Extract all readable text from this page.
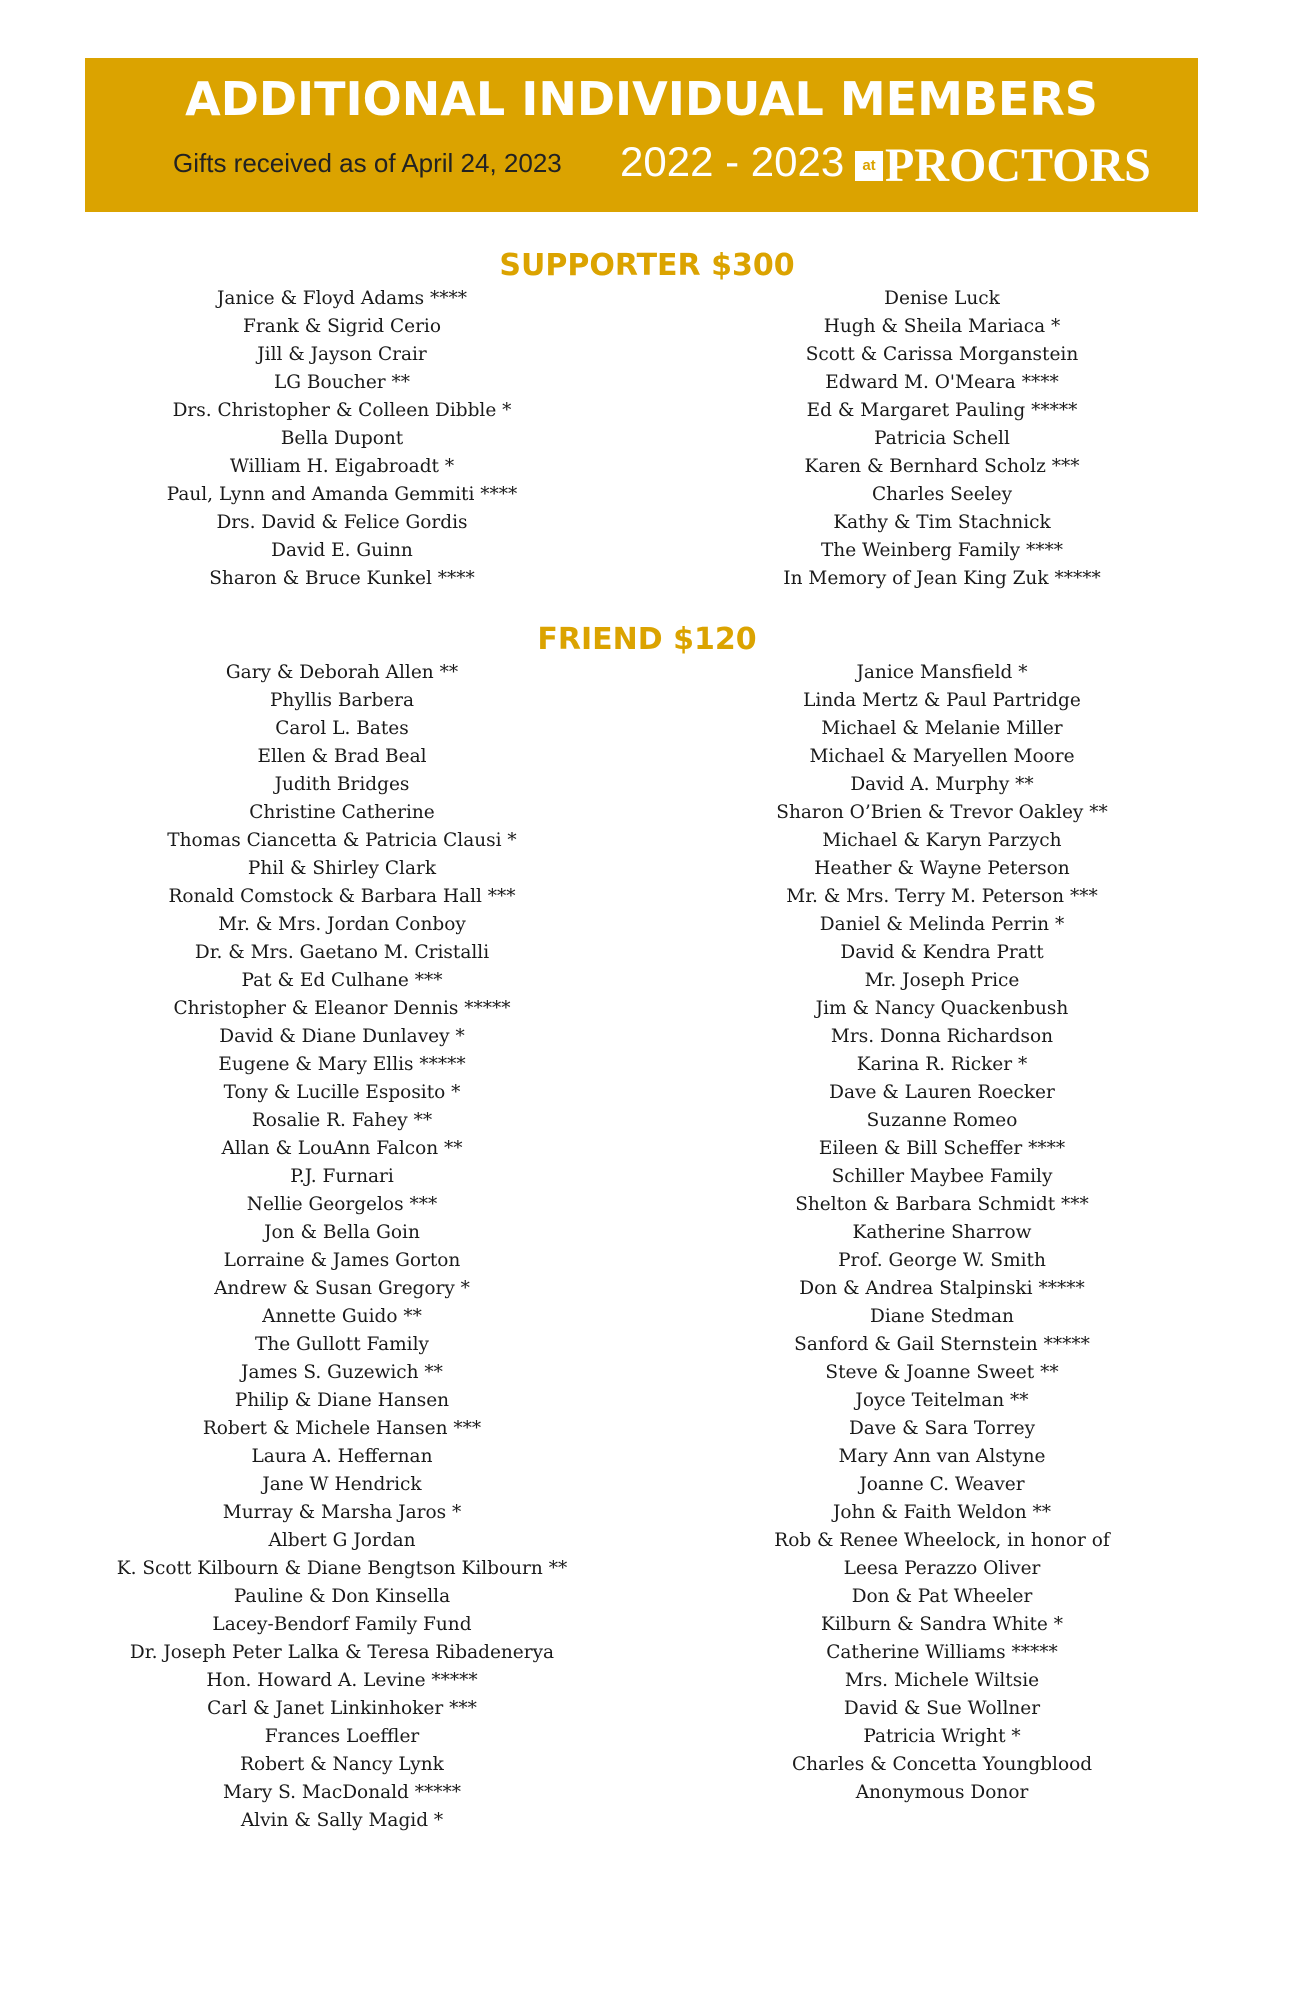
ADDITIONAL INDIVIDUAL MEMBERS
Gifts received as of April 24, 2023 2022 - 2023	at PROCTORS
SUPPORTER $300
Janice & Floyd Adams ****
Frank & Sigrid Cerio
Jill & Jayson Crair
LG Boucher **
Drs. Christopher & Colleen Dibble *
Bella Dupont
William H. Eigabroadt *
Paul, Lynn and Amanda Gemmiti ****
Drs. David & Felice Gordis
David E. Guinn
Sharon & Bruce Kunkel ****
Denise Luck
Hugh & Sheila Mariaca *
Scott & Carissa Morganstein
Edward M. O'Meara ****
Ed & Margaret Pauling *****
Patricia Schell
Karen & Bernhard Scholz ***
Charles Seeley
Kathy & Tim Stachnick
The Weinberg Family ****
In Memory of Jean King Zuk *****
FRIEND $120
Gary & Deborah Allen **
Phyllis Barbera
Carol L. Bates
Ellen & Brad Beal
Judith Bridges
Christine Catherine
Thomas Ciancetta & Patricia Clausi *
Phil & Shirley Clark
Ronald Comstock & Barbara Hall ***
Mr. & Mrs. Jordan Conboy
Dr. & Mrs. Gaetano M. Cristalli
Pat & Ed Culhane ***
Christopher & Eleanor Dennis *****
David & Diane Dunlavey *
Eugene & Mary Ellis *****
Tony & Lucille Esposito *
Rosalie R. Fahey **
Allan & LouAnn Falcon **
P.J. Furnari
Nellie Georgelos ***
Jon & Bella Goin
Lorraine & James Gorton
Andrew & Susan Gregory *
Annette Guido **
The Gullott Family
James S. Guzewich **
Philip & Diane Hansen
Robert & Michele Hansen ***
Laura A. Heffernan
Jane W Hendrick
Murray & Marsha Jaros *
Albert G Jordan
K. Scott Kilbourn & Diane Bengtson Kilbourn **
Pauline & Don Kinsella
Lacey-Bendorf Family Fund
Dr. Joseph Peter Lalka & Teresa Ribadenerya
Hon. Howard A. Levine *****
Carl & Janet Linkinhoker ***
Frances Loeffler
Robert & Nancy Lynk
Mary S. MacDonald *****
Alvin & Sally Magid *
Janice Mansfield *
Linda Mertz & Paul Partridge
Michael & Melanie Miller
Michael & Maryellen Moore
David A. Murphy **
Sharon O’Brien & Trevor Oakley **
Michael & Karyn Parzych
Heather & Wayne Peterson
Mr. & Mrs. Terry M. Peterson ***
Daniel & Melinda Perrin *
David & Kendra Pratt
Mr. Joseph Price
Jim & Nancy Quackenbush
Mrs. Donna Richardson
Karina R. Ricker *
Dave & Lauren Roecker
Suzanne Romeo
Eileen & Bill Scheffer ****
Schiller Maybee Family
Shelton & Barbara Schmidt ***
Katherine Sharrow
Prof. George W. Smith
Don & Andrea Stalpinski *****
Diane Stedman
Sanford & Gail Sternstein *****
Steve & Joanne Sweet **
Joyce Teitelman **
Dave & Sara Torrey
Mary Ann van Alstyne
Joanne C. Weaver
John & Faith Weldon **
Rob & Renee Wheelock, in honor of
Leesa Perazzo Oliver
Don & Pat Wheeler
Kilburn & Sandra White *
Catherine Williams *****
Mrs. Michele Wiltsie
David & Sue Wollner
Patricia Wright *
Charles & Concetta Youngblood
Anonymous Donor
